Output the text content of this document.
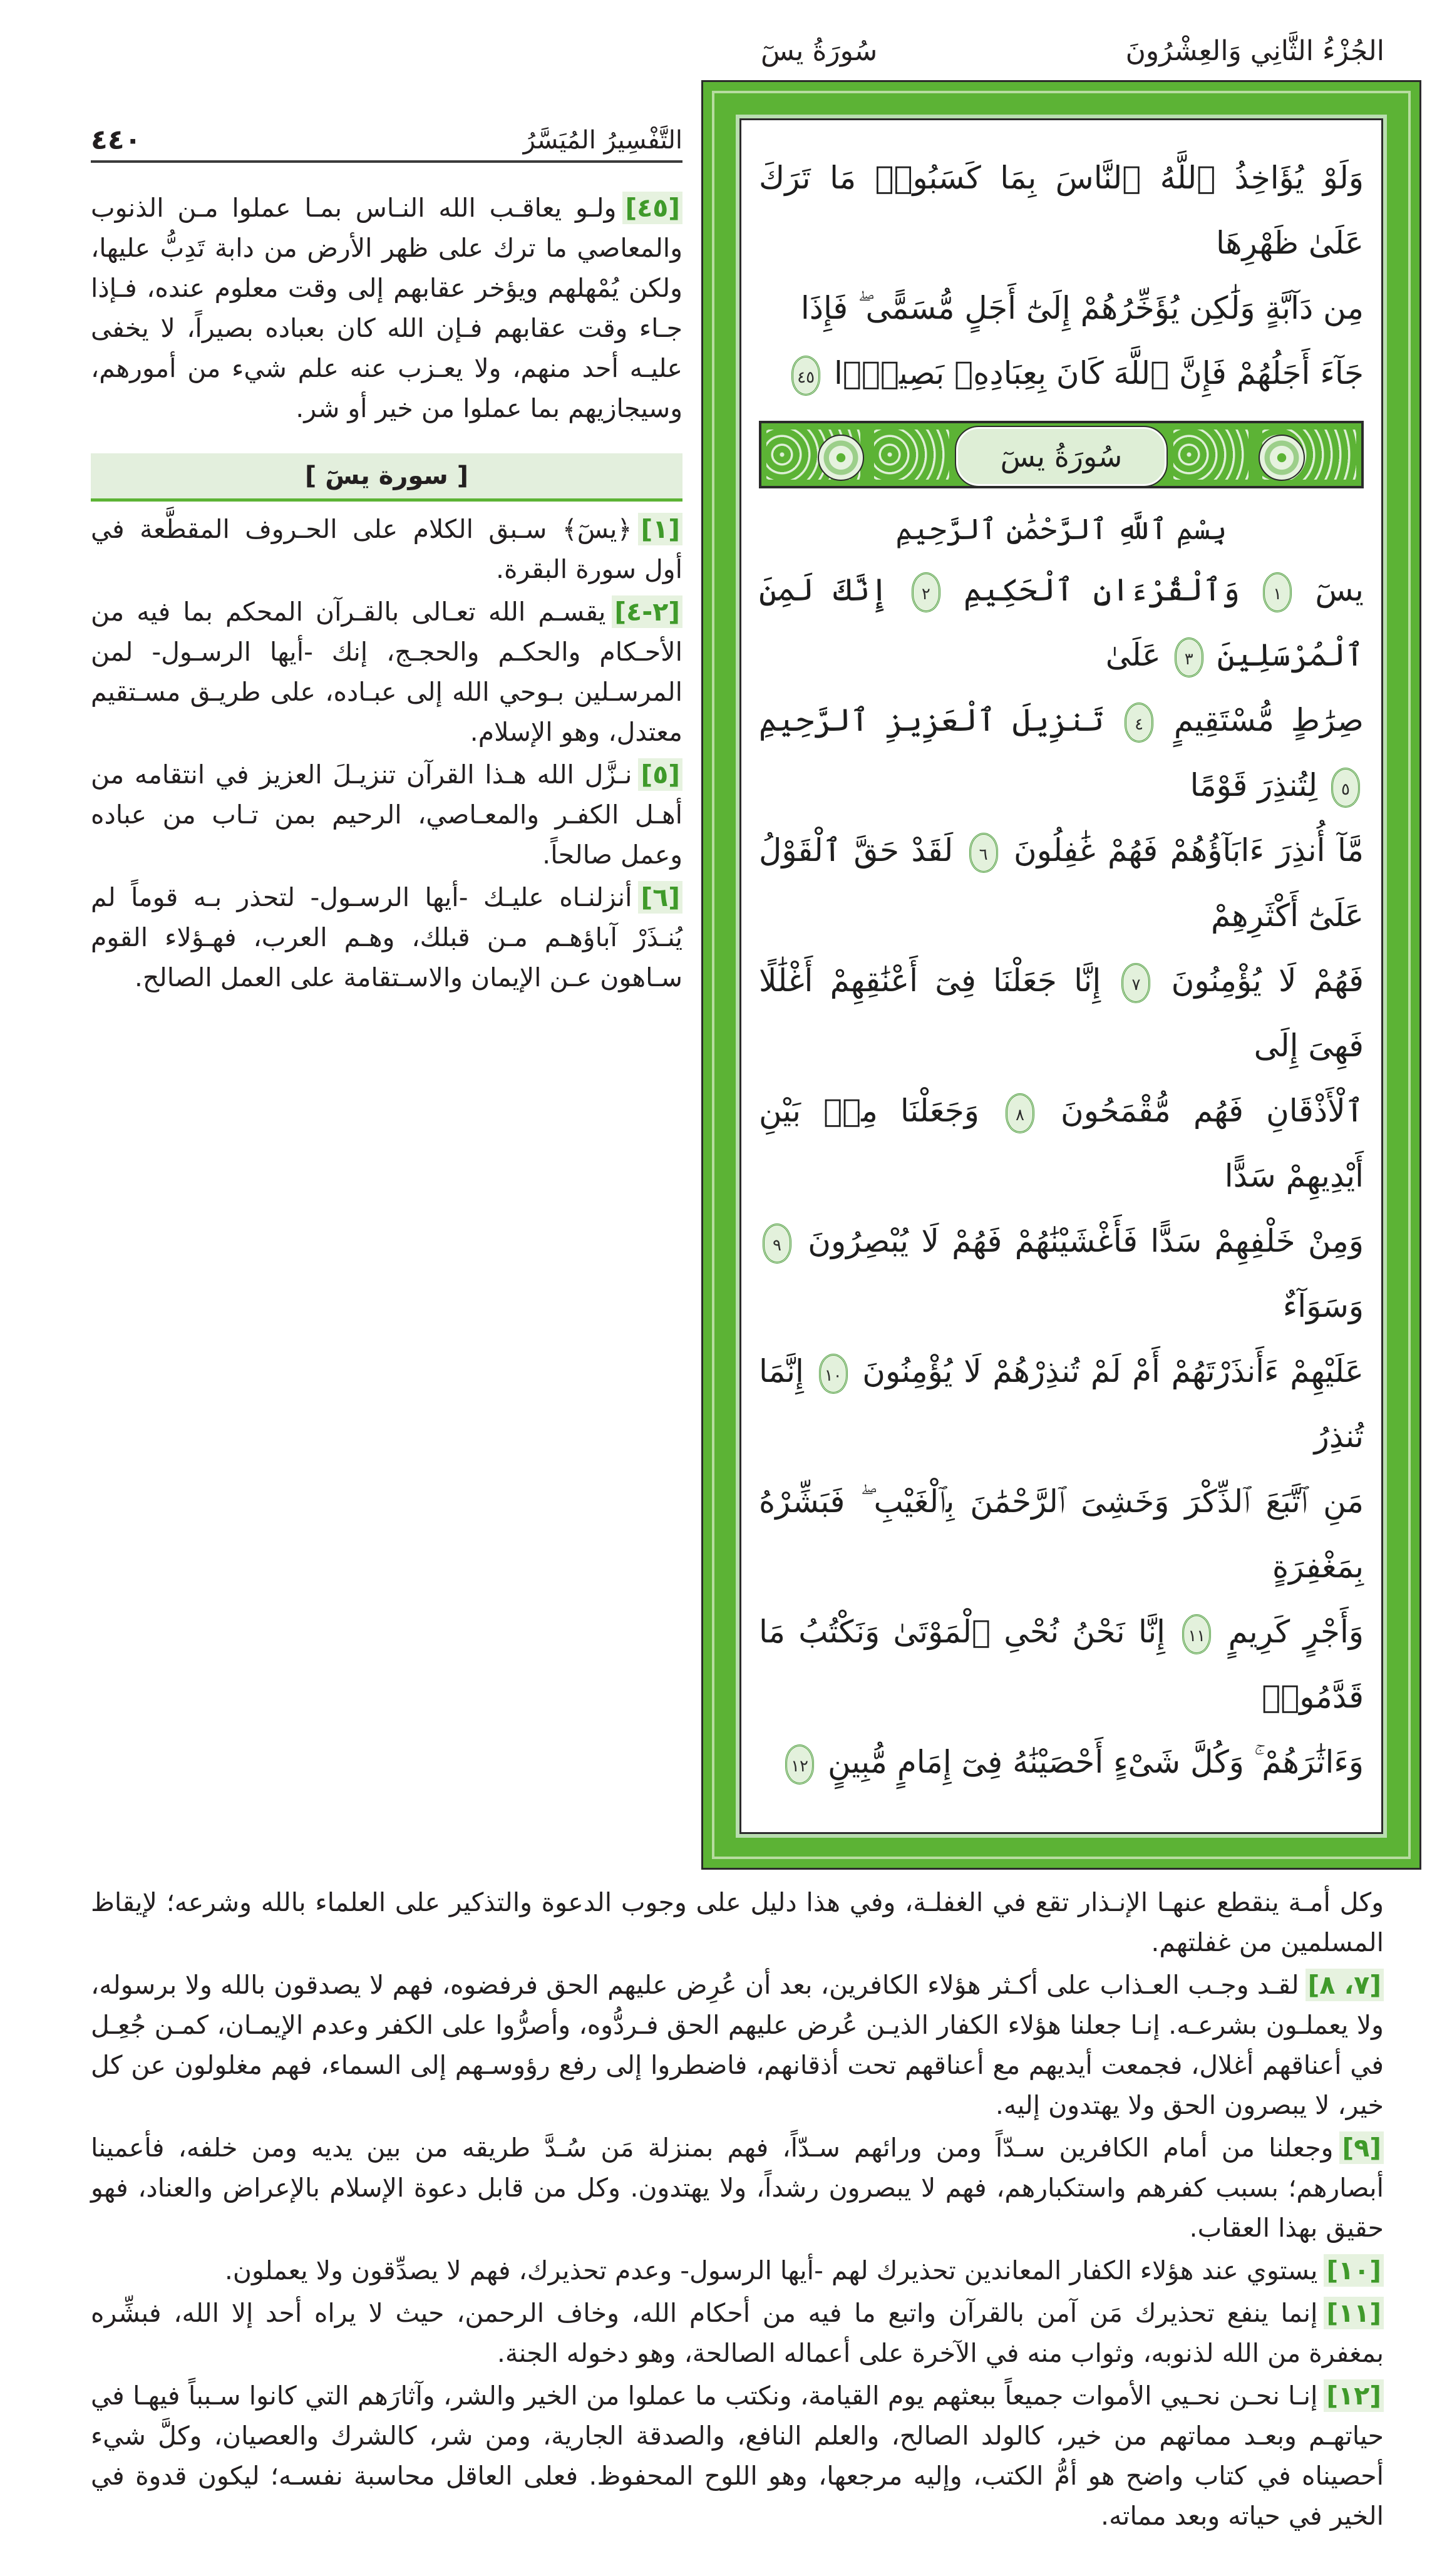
الجُزْءُ الثَّانِي وَالعِشْرُونَ
سُورَةُ يسٓ
وَلَوْ يُؤَاخِذُ ٱللَّهُ ٱلنَّاسَ بِمَا كَسَبُوا۟ مَا تَرَكَ عَلَىٰ ظَهْرِهَا
مِن دَآبَّةٍ وَلَٰكِن يُؤَخِّرُهُمْ إِلَىٰٓ أَجَلٍ مُّسَمًّى ۖ فَإِذَا
جَآءَ أَجَلُهُمْ فَإِنَّ ٱللَّهَ كَانَ بِعِبَادِهِۦ بَصِيرًۢا ٤٥
سُورَةُ يسٓ
بِسْمِ ٱللَّهِ ٱلرَّحْمَٰنِ ٱلرَّحِيمِ
يسٓ ١ وَٱلْقُرْءَانِ ٱلْحَكِيمِ ٢ إِنَّكَ لَمِنَ ٱلْمُرْسَلِينَ ٣ عَلَىٰ
صِرَٰطٍ مُّسْتَقِيمٍ ٤ تَنزِيلَ ٱلْعَزِيزِ ٱلرَّحِيمِ ٥ لِتُنذِرَ قَوْمًا
مَّآ أُنذِرَ ءَابَآؤُهُمْ فَهُمْ غَٰفِلُونَ ٦ لَقَدْ حَقَّ ٱلْقَوْلُ عَلَىٰٓ أَكْثَرِهِمْ
فَهُمْ لَا يُؤْمِنُونَ ٧ إِنَّا جَعَلْنَا فِىٓ أَعْنَٰقِهِمْ أَغْلَٰلًا فَهِىَ إِلَى
ٱلْأَذْقَانِ فَهُم مُّقْمَحُونَ ٨ وَجَعَلْنَا مِنۢ بَيْنِ أَيْدِيهِمْ سَدًّا
وَمِنْ خَلْفِهِمْ سَدًّا فَأَغْشَيْنَٰهُمْ فَهُمْ لَا يُبْصِرُونَ ٩ وَسَوَآءٌ
عَلَيْهِمْ ءَأَنذَرْتَهُمْ أَمْ لَمْ تُنذِرْهُمْ لَا يُؤْمِنُونَ ١٠ إِنَّمَا تُنذِرُ
مَنِ ٱتَّبَعَ ٱلذِّكْرَ وَخَشِىَ ٱلرَّحْمَٰنَ بِٱلْغَيْبِ ۖ فَبَشِّرْهُ بِمَغْفِرَةٍ
وَأَجْرٍ كَرِيمٍ ١١ إِنَّا نَحْنُ نُحْىِ ٱلْمَوْتَىٰ وَنَكْتُبُ مَا قَدَّمُوا۟
وَءَاثَٰرَهُمْ ۚ وَكُلَّ شَىْءٍ أَحْصَيْنَٰهُ فِىٓ إِمَامٍ مُّبِينٍ ١٢
التَّفْسِيرُ المُيَسَّرُ
٤٤٠
[٤٥]ولـو يعاقـب الله النـاس بمـا عملوا مـن الذنوب والمعاصي ما ترك على ظهر الأرض من دابة تَدِبُّ عليها، ولكن يُمْهلهم ويؤخر عقابهم إلى وقت معلوم عنده، فـإذا جـاء وقت عقابهم فـإن الله كان بعباده بصيراً، لا يخفى عليـه أحد منهم، ولا يعـزب عنه علم شيء من أمورهم، وسيجازيهم بما عملوا من خير أو شر.
[ سورة يسٓ ]
[١]﴿يسٓ﴾ سـبق الكلام على الحـروف المقطَّعة في أول سورة البقرة.
[٢-٤]يقسـم الله تعـالى بالقـرآن المحكم بما فيه من الأحـكام والحكـم والحجـج، إنك -أيها الرسـول- لمن المرسـلين بـوحي الله إلى عبـاده، على طريـق مسـتقيم معتدل، وهو الإسلام.
[٥]نـزَّل الله هـذا القرآن تنزيـلَ العزيز في انتقامه من أهـل الكفـر والمعـاصي، الرحيم بمن تـاب من عباده وعمل صالحاً.
[٦]أنزلنـاه عليـك -أيها الرسـول- لتحذر بـه قوماً لم يُنـذَرْ آباؤهـم مـن قبلك، وهـم العرب، فهـؤلاء القوم سـاهون عـن الإيمان والاسـتقامة على العمل الصالح.
وكل أمـة ينقطع عنهـا الإنـذار تقع في الغفلـة، وفي هذا دليل على وجوب الدعوة والتذكير على العلماء بالله وشرعه؛ لإيقاظ المسلمين من غفلتهم.
[٧، ٨]لقـد وجـب العـذاب على أكـثر هؤلاء الكافرين، بعد أن عُرِض عليهم الحق فرفضوه، فهم لا يصدقون بالله ولا برسوله، ولا يعملـون بشرعـه. إنـا جعلنا هؤلاء الكفار الذيـن عُرض عليهم الحق فـردُّوه، وأصرُّوا على الكفر وعدم الإيمـان، كمـن جُعِـل في أعناقهم أغلال، فجمعت أيديهم مع أعناقهم تحت أذقانهم، فاضطروا إلى رفع رؤوسـهم إلى السماء، فهم مغلولون عن كل خير، لا يبصرون الحق ولا يهتدون إليه.
[٩]وجعلنا من أمام الكافرين سـدّاً ومن ورائهم سـدّاً، فهم بمنزلة مَن سُـدَّ طريقه من بين يديه ومن خلفه، فأعمينا أبصارهم؛ بسبب كفرهم واستكبارهم، فهم لا يبصرون رشداً، ولا يهتدون. وكل من قابل دعوة الإسلام بالإعراض والعناد، فهو حقيق بهذا العقاب.
[١٠]يستوي عند هؤلاء الكفار المعاندين تحذيرك لهم -أيها الرسول- وعدم تحذيرك، فهم لا يصدِّقون ولا يعملون.
[١١]إنما ينفع تحذيرك مَن آمن بالقرآن واتبع ما فيه من أحكام الله، وخاف الرحمن، حيث لا يراه أحد إلا الله، فبشِّره بمغفرة من الله لذنوبه، وثواب منه في الآخرة على أعماله الصالحة، وهو دخوله الجنة.
[١٢]إنـا نحـن نحـيي الأموات جميعاً ببعثهم يوم القيامة، ونكتب ما عملوا من الخير والشر، وآثارَهم التي كانوا سـبباً فيهـا في حياتهـم وبعـد مماتهم من خير، كالولد الصالح، والعلم النافع، والصدقة الجارية، ومن شر، كالشرك والعصيان، وكلَّ شيء أحصيناه في كتاب واضح هو أمُّ الكتب، وإليه مرجعها، وهو اللوح المحفوظ. فعلى العاقل محاسبة نفسـه؛ ليكون قدوة في الخير في حياته وبعد مماته.
